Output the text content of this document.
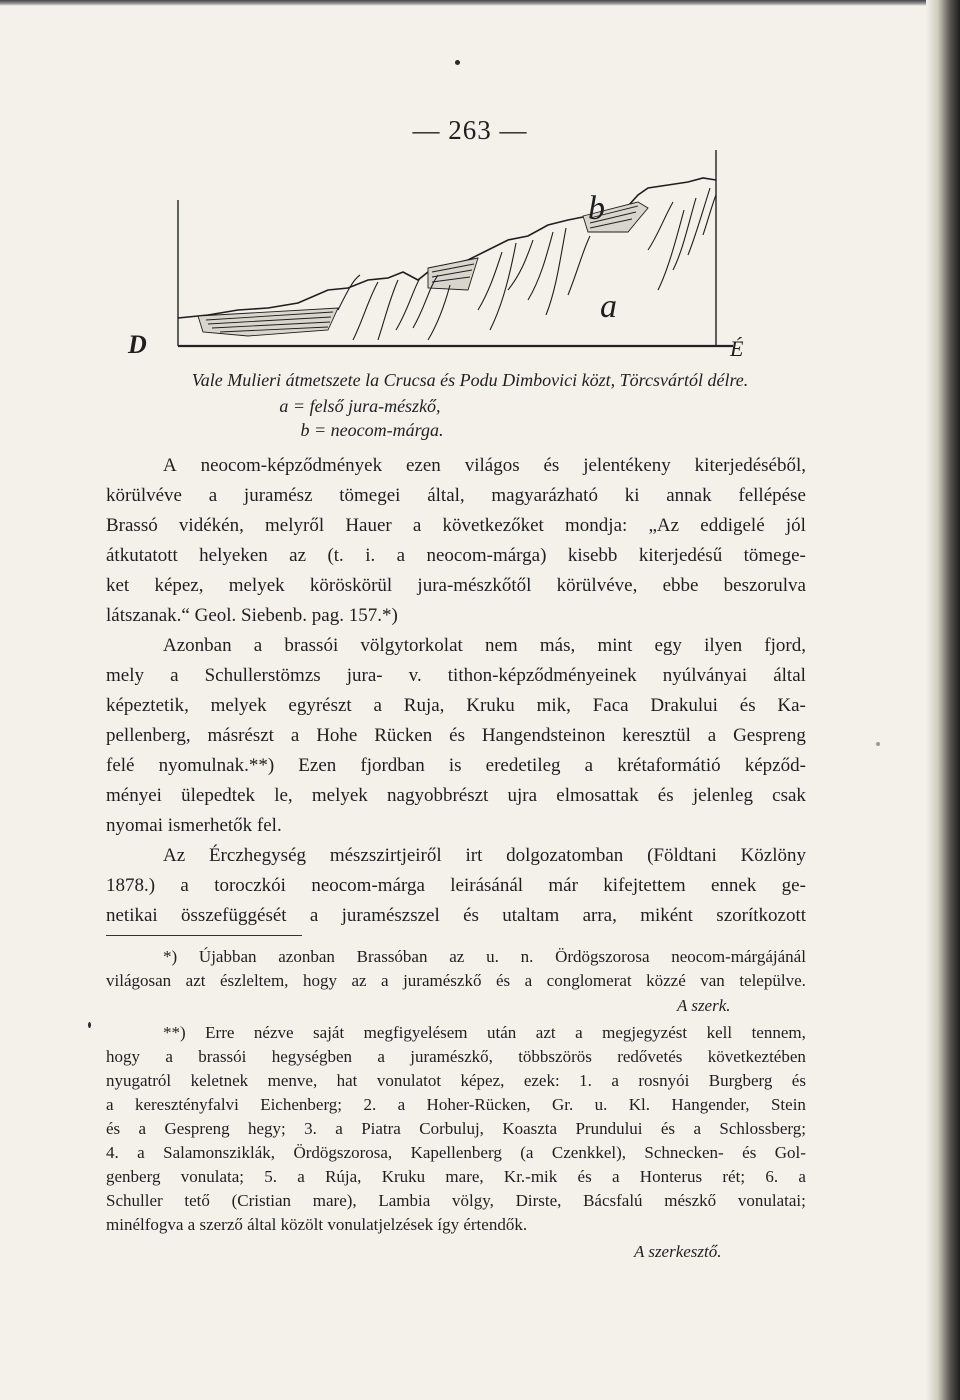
— 263 —
D
b
a
É
Vale Mulieri átmetszete la Crucsa és Podu Dimbovici közt, Törcsvártól délre.
a = felső jura-mészkő,
b = neocom-márga.
A neocom-képződmények ezen világos és jelentékeny kiterjedéséből,
körülvéve a juramész tömegei által, magyarázható ki annak fellépése
Brassó vidékén, melyről Hauer a következőket mondja: „Az eddigelé jól
átkutatott helyeken az (t. i. a neocom-márga) kisebb kiterjedésű tömege-
ket képez, melyek köröskörül jura-mészkőtől körülvéve, ebbe beszorulva
látszanak.“ Geol. Siebenb. pag. 157.*)
Azonban a brassói völgytorkolat nem más, mint egy ilyen fjord,
mely a Schullerstömzs jura- v. tithon-képződményeinek nyúlványai által
képeztetik, melyek egyrészt a Ruja, Kruku mik, Faca Drakului és Ka-
pellenberg, másrészt a Hohe Rücken és Hangendsteinon keresztül a Gespreng
felé nyomulnak.**) Ezen fjordban is eredetileg a krétaformátió képződ-
ményei ülepedtek le, melyek nagyobbrészt ujra elmosattak és jelenleg csak
nyomai ismerhetők fel.
Az Érczhegység mészszirtjeiről irt dolgozatomban (Földtani Közlöny
1878.) a toroczkói neocom-márga leirásánál már kifejtettem ennek ge-
netikai összefüggését a juramészszel és utaltam arra, miként szorítkozott
*) Újabban azonban Brassóban az u. n. Ördögszorosa neocom-márgájánál
világosan azt észleltem, hogy az a juramészkő és a conglomerat közzé van települve.
A szerk.
**) Erre nézve saját megfigyelésem után azt a megjegyzést kell tennem,
hogy a brassói hegységben a juramészkő, többszörös redővetés következtében
nyugatról keletnek menve, hat vonulatot képez, ezek: 1. a rosnyói Burgberg és
a keresztényfalvi Eichenberg; 2. a Hoher-Rücken, Gr. u. Kl. Hangender, Stein
és a Gespreng hegy; 3. a Piatra Corbuluj, Koaszta Prundului és a Schlossberg;
4. a Salamonsziklák, Ördögszorosa, Kapellenberg (a Czenkkel), Schnecken- és Gol-
genberg vonulata; 5. a Rúja, Kruku mare, Kr.-mik és a Honterus rét; 6. a
Schuller tető (Cristian mare), Lambia völgy, Dirste, Bácsfalú mészkő vonulatai;
minélfogva a szerző által közölt vonulatjelzések így értendők.
A szerkesztő.
